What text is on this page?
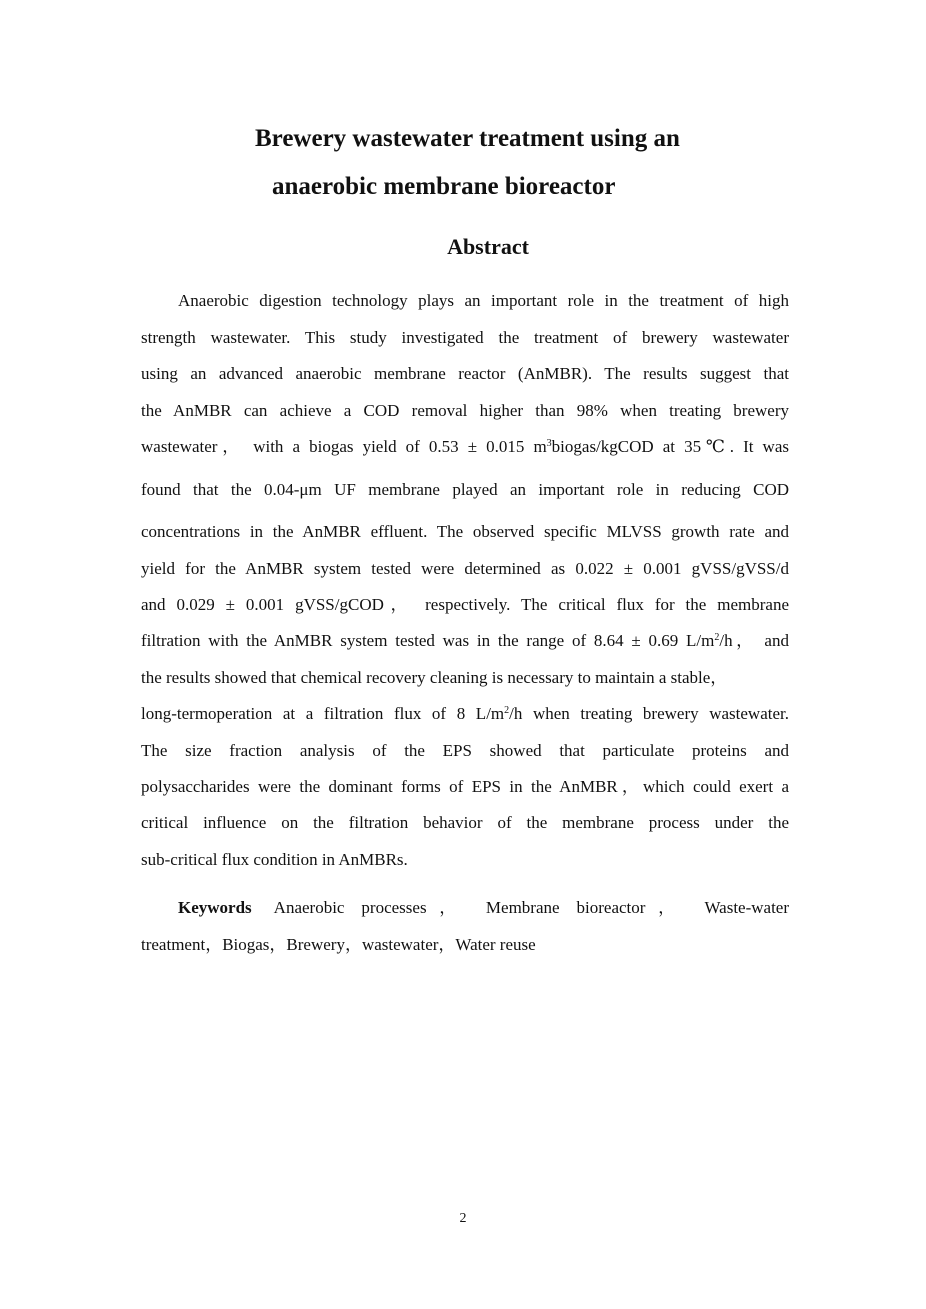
Brewery wastewater treatment using an
anaerobic membrane bioreactor
Abstract
Anaerobic digestion technology plays an important role in the treatment of high
strength wastewater. This study investigated the treatment of brewery wastewater
using an advanced anaerobic membrane reactor (AnMBR). The results suggest that
the AnMBR can achieve a COD removal higher than 98% when treating brewery
wastewater， with a biogas yield of 0.53 ± 0.015 $m^3biogas$/kgCOD at 35℃. It was
found that the 0.04-μm UF membrane played an important role in reducing COD
concentrations in the AnMBR effluent. The observed specific MLVSS growth rate and
yield for the AnMBR system tested were determined as 0.022 ± 0.001 gVSS/gVSS/d
and 0.029 ± 0.001 gVSS/gCOD， respectively. The critical flux for the membrane
filtration with the AnMBR system tested was in the range of 8.64 ± 0.69 $L/m^2/h$， and
the results showed that chemical recovery cleaning is necessary to maintain a stable，
long-termoperation at a filtration flux of 8 $L/m^2/h$ when treating brewery wastewater.
The size fraction analysis of the EPS showed that particulate proteins and
polysaccharides were the dominant forms of EPS in the AnMBR，which could exert a
critical influence on the filtration behavior of the membrane process under the
sub-critical flux condition in AnMBRs.
Keywords Anaerobic processes， Membrane bioreactor， Waste-water
treatment，Biogas，Brewery，wastewater，Water reuse
2
